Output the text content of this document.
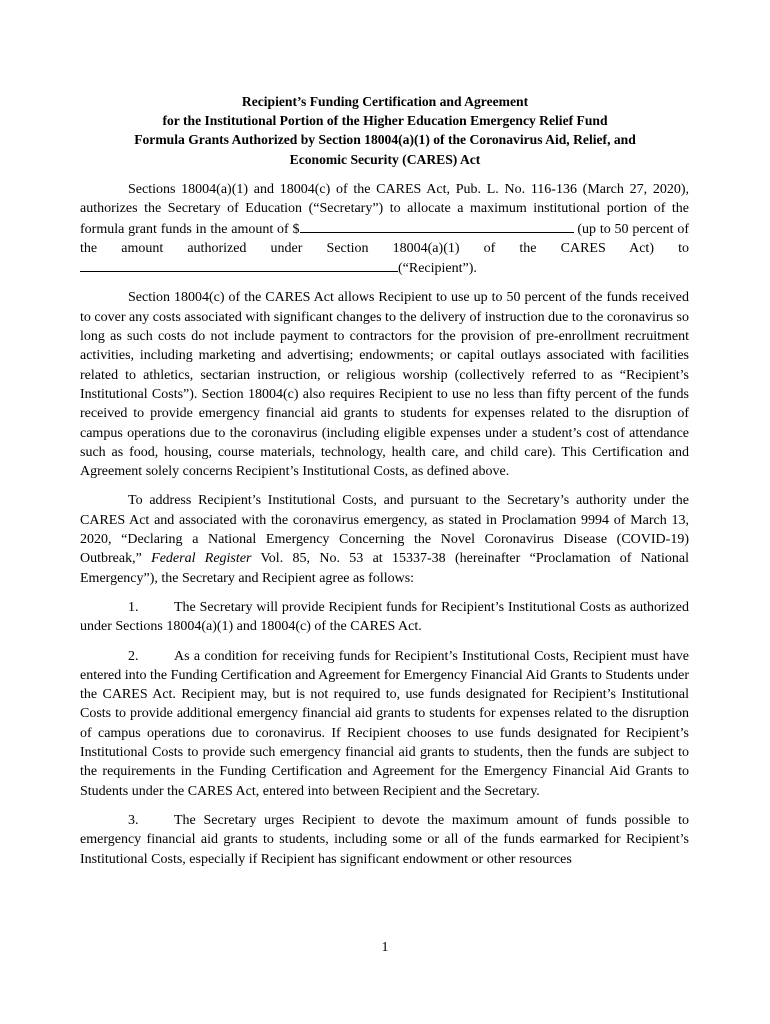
Recipient’s Funding Certification and Agreement
for the Institutional Portion of the Higher Education Emergency Relief Fund
Formula Grants Authorized by Section 18004(a)(1) of the Coronavirus Aid, Relief, and
Economic Security (CARES) Act

Sections 18004(a)(1) and 18004(c) of the CARES Act, Pub. L. No. 116-136 (March 27, 2020), authorizes the Secretary of Education (“Secretary”) to allocate a maximum institutional portion of the formula grant funds in the amount of $	(up to 50 percent of the amount authorized under Section 18004(a)(1) of the CARES Act) to (“Recipient”).

Section 18004(c) of the CARES Act allows Recipient to use up to 50 percent of the funds received to cover any costs associated with significant changes to the delivery of instruction due to the coronavirus so long as such costs do not include payment to contractors for the provision of pre-enrollment recruitment activities, including marketing and advertising; endowments; or capital outlays associated with facilities related to athletics, sectarian instruction, or religious worship (collectively referred to as “Recipient’s Institutional Costs”). Section 18004(c) also requires Recipient to use no less than fifty percent of the funds received to provide emergency financial aid grants to students for expenses related to the disruption of campus operations due to the coronavirus (including eligible expenses under a student’s cost of attendance such as food, housing, course materials, technology, health care, and child care). This Certification and Agreement solely concerns Recipient’s Institutional Costs, as defined above.

To address Recipient’s Institutional Costs, and pursuant to the Secretary’s authority under the CARES Act and associated with the coronavirus emergency, as stated in Proclamation 9994 of March 13, 2020, “Declaring a National Emergency Concerning the Novel Coronavirus Disease (COVID-19) Outbreak,” Federal Register Vol. 85, No. 53 at 15337-38 (hereinafter “Proclamation of National Emergency”), the Secretary and Recipient agree as follows:

1.	The Secretary will provide Recipient funds for Recipient’s Institutional Costs as authorized under Sections 18004(a)(1) and 18004(c) of the CARES Act.

2.	As a condition for receiving funds for Recipient’s Institutional Costs, Recipient must have entered into the Funding Certification and Agreement for Emergency Financial Aid Grants to Students under the CARES Act. Recipient may, but is not required to, use funds designated for Recipient’s Institutional Costs to provide additional emergency financial aid grants to students for expenses related to the disruption of campus operations due to coronavirus. If Recipient chooses to use funds designated for Recipient’s Institutional Costs to provide such emergency financial aid grants to students, then the funds are subject to the requirements in the Funding Certification and Agreement for the Emergency Financial Aid Grants to Students under the CARES Act, entered into between Recipient and the Secretary.

3.	The Secretary urges Recipient to devote the maximum amount of funds possible to emergency financial aid grants to students, including some or all of the funds earmarked for Recipient’s Institutional Costs, especially if Recipient has significant endowment or other resources

1
